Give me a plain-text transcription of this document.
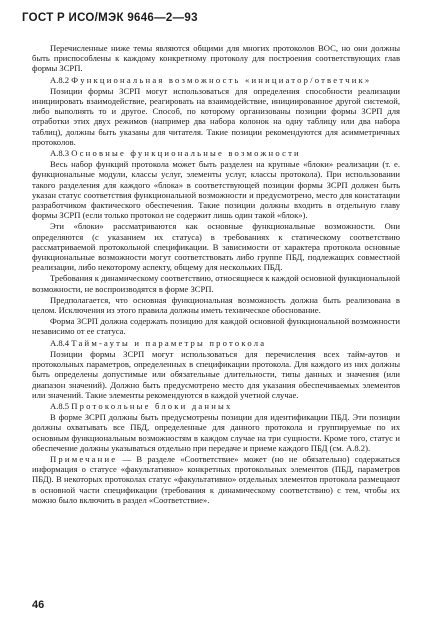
ГОСТ Р ИСО/МЭК 9646—2—93

Перечисленные ниже темы являются общими для многих протоколов ВОС, но они должны быть приспособлены к каждому конкретному протоколу для построения соответствующих глав формы ЗСРП.

А.8.2 Функциональная возможность «инициатор/ответчик»

Позиции формы ЗСРП могут использоваться для определения способности реализации инициировать взаимодействие, реагировать на взаимодействие, инициированное другой системой, либо выполнять то и другое. Способ, по которому организованы позиции формы ЗСРП для отработки этих двух режимов (например два набора колонок на одну таблицу или два набора таблиц), должны быть указаны для читателя. Такие позиции рекомендуются для асимметричных протоколов.

А.8.3 Основные функциональные возможности

Весь набор функций протокола может быть разделен на крупные «блоки» реализации (т. е. функциональные модули, классы услуг, элементы услуг, классы протокола). При использовании такого разделения для каждого «блока» в соответствующей позиции формы ЗСРП должен быть указан статус соответствия функциональной возможности и предусмотрено, место для констатации разработчиком фактического обеспечения. Такие позиции должны входить в отдельную главу формы ЗСРП (если только протокол не содержит лишь один такой «блок»).

Эти «блоки» рассматриваются как основные функциональные возможности. Они определяются (с указанием их статуса) в требованиях к статическому соответствию рассматриваемой протокольной спецификации. В зависимости от характера протокола основные функциональные возможности могут соответствовать либо группе ПБД, подлежащих совместной реализации, либо некоторому аспекту, общему для нескольких ПБД.

Требования к динамическому соответствию, относящиеся к каждой основной функциональной возможности, не воспроизводятся в форме ЗСРП.

Предполагается, что основная функциональная возможность должна быть реализована в целом. Исключения из этого правила должны иметь техническое обоснование.

Форма ЗСРП должна содержать позицию для каждой основной функциональной возможности независимо от ее статуса.

А.8.4 Тайм-ауты и параметры протокола

Позиции формы ЗСРП могут использоваться для перечисления всех тайм-аутов и протокольных параметров, определенных в спецификации протокола. Для каждого из них должны быть определены допустимые или обязательные длительности, типы данных и значения (или диапазон значений). Должно быть предусмотрено место для указания обеспечиваемых элементов или значений. Такие элементы рекомендуются в каждой учетной случае.

А.8.5 Протокольные блоки данных

В форме ЗСРП должны быть предусмотрены позиции для идентификации ПБД. Эти позиции должны охватывать все ПБД, определенные для данного протокола и группируемые по их основным функциональным возможностям в каждом случае на три сущности. Кроме того, статус и обеспечение должны указываться отдельно при передаче и приеме каждого ПБД (см. А.8.2).

Примечание — В разделе «Соответствие» может (но не обязательно) содержаться информация о статусе «факультативно» конкретных протокольных элементов (ПБД, параметров ПБД). В некоторых протоколах статус «факультативно» отдельных элементов протокола размещают в основной части спецификации (требования к динамическому соответствию) с тем, чтобы их можно было включить в раздел «Соответствие».

46
